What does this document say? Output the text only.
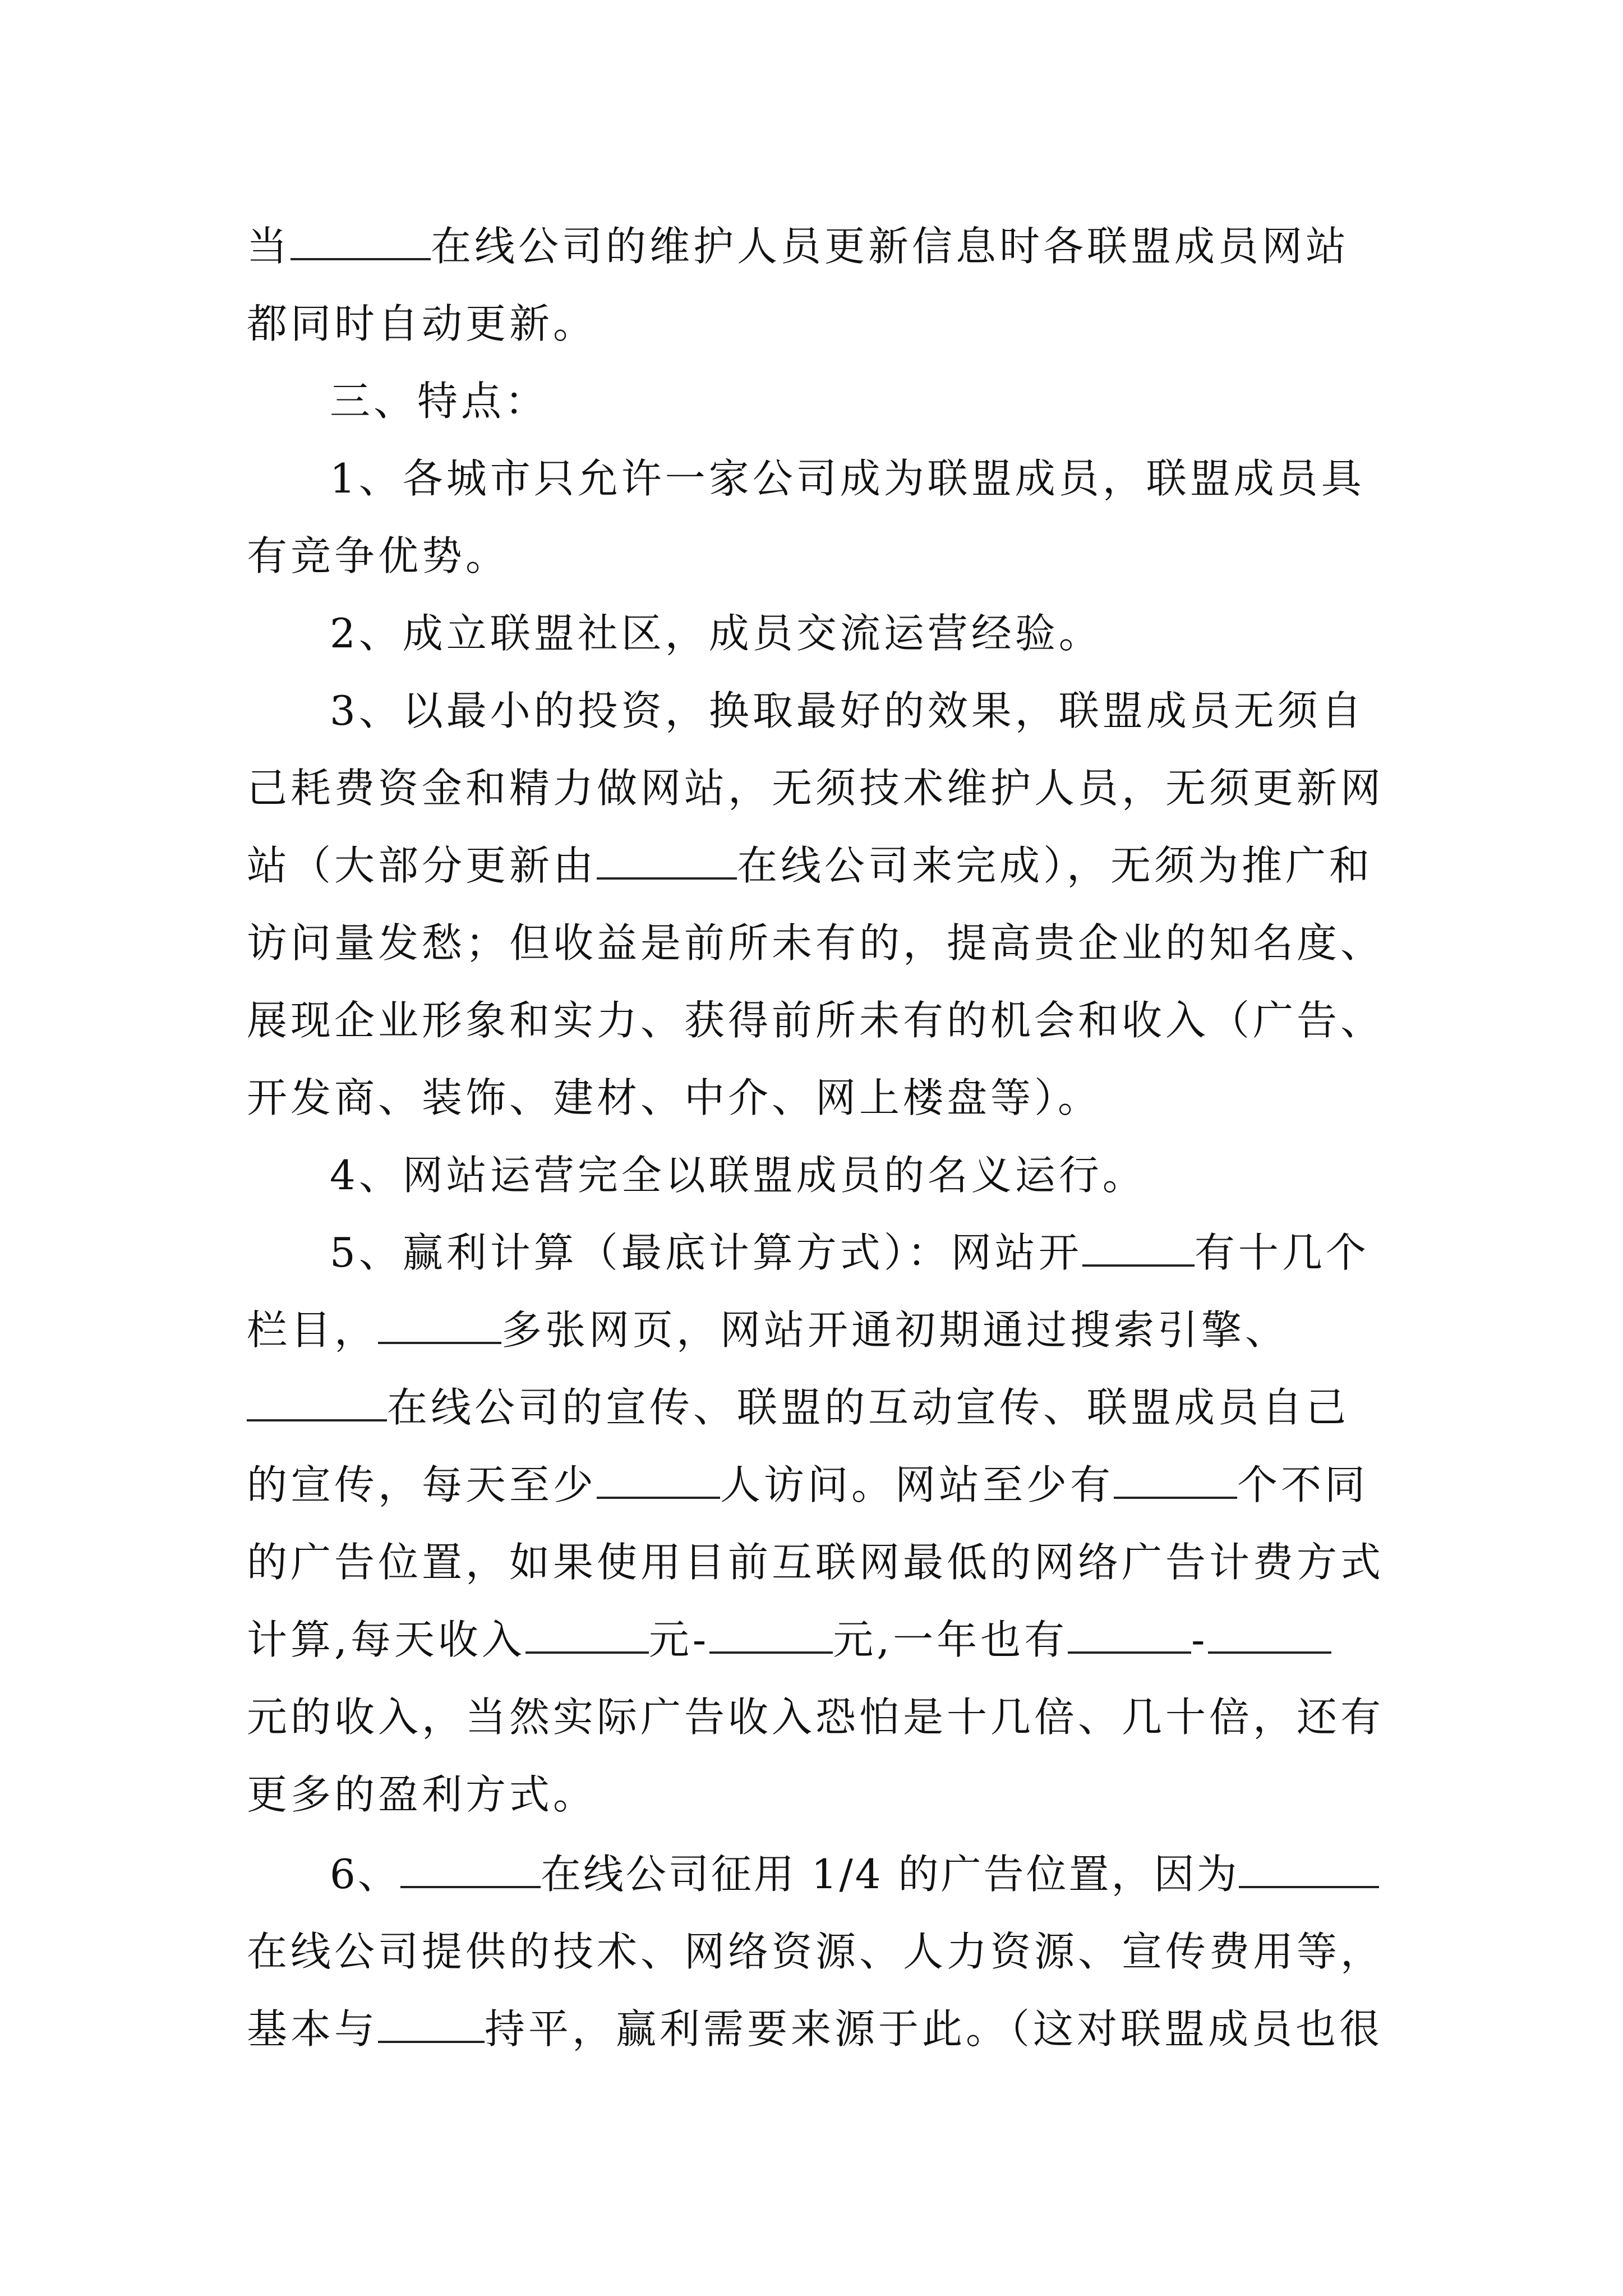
当	在线公司的维护人员更新信息时各联盟成员网站
都同时自动更新。
三、特点：
1、各城市只允许一家公司成为联盟成员，联盟成员具
有竞争优势。
2、成立联盟社区，成员交流运营经验。
3、以最小的投资，换取最好的效果，联盟成员无须自
己耗费资金和精力做网站，无须技术维护人员，无须更新网
站（大部分更新由	在线公司来完成），无须为推广和
访问量发愁；但收益是前所未有的，提高贵企业的知名度、
展现企业形象和实力、获得前所未有的机会和收入（广告、
开发商、装饰、建材、中介、网上楼盘等）。
4、网站运营完全以联盟成员的名义运行。
5、赢利计算（最底计算方式）：网站开	有十几个
栏目，	多张网页，网站开通初期通过搜索引擎、
在线公司的宣传、联盟的互动宣传、联盟成员自己
的宣传，每天至少	人访问。网站至少有	个不同
的广告位置，如果使用目前互联网最低的网络广告计费方式
计算,每天收入	元-	元,一年也有	-
元的收入，当然实际广告收入恐怕是十几倍、几十倍，还有
更多的盈利方式。
6、	在线公司征用 1/4 的广告位置，因为
在线公司提供的技术、网络资源、人力资源、宣传费用等，
基本与	持平，赢利需要来源于此。（这对联盟成员也很
